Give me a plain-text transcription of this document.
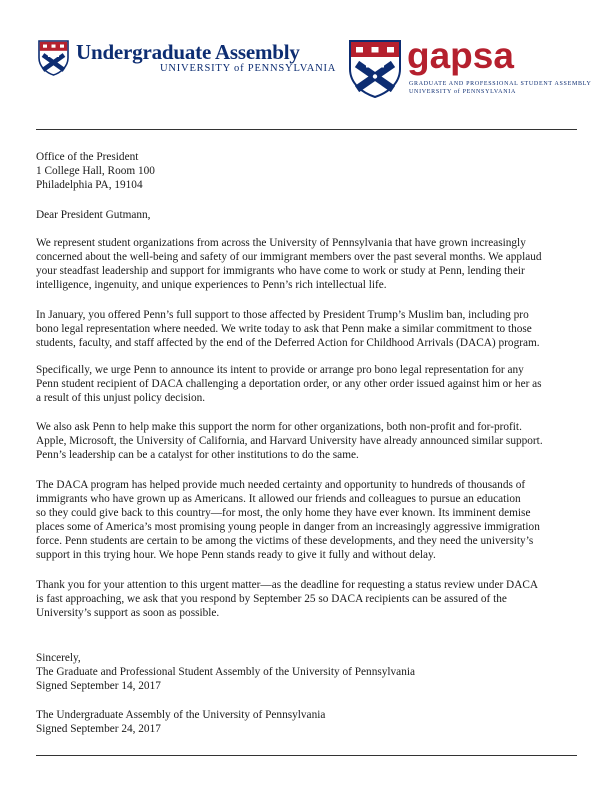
Undergraduate Assembly
UNIVERSITY of PENNSYLVANIA gapsa
GRADUATE AND PROFESSIONAL STUDENT ASSEMBLY
UNIVERSITY of PENNSYLVANIA
Office of the President
1 College Hall, Room 100
Philadelphia PA, 19104
Dear President Gutmann,
We represent student organizations from across the University of Pennsylvania that have grown increasingly
concerned about the well-being and safety of our immigrant members over the past several months. We applaud
your steadfast leadership and support for immigrants who have come to work or study at Penn, lending their
intelligence, ingenuity, and unique experiences to Penn’s rich intellectual life.
In January, you offered Penn’s full support to those affected by President Trump’s Muslim ban, including pro
bono legal representation where needed. We write today to ask that Penn make a similar commitment to those
students, faculty, and staff affected by the end of the Deferred Action for Childhood Arrivals (DACA) program.
Specifically, we urge Penn to announce its intent to provide or arrange pro bono legal representation for any
Penn student recipient of DACA challenging a deportation order, or any other order issued against him or her as
a result of this unjust policy decision.
We also ask Penn to help make this support the norm for other organizations, both non-profit and for-profit.
Apple, Microsoft, the University of California, and Harvard University have already announced similar support.
Penn’s leadership can be a catalyst for other institutions to do the same.
The DACA program has helped provide much needed certainty and opportunity to hundreds of thousands of
immigrants who have grown up as Americans. It allowed our friends and colleagues to pursue an education
so they could give back to this country—for most, the only home they have ever known. Its imminent demise
places some of America’s most promising young people in danger from an increasingly aggressive immigration
force. Penn students are certain to be among the victims of these developments, and they need the university’s
support in this trying hour. We hope Penn stands ready to give it fully and without delay.
Thank you for your attention to this urgent matter—as the deadline for requesting a status review under DACA
is fast approaching, we ask that you respond by September 25 so DACA recipients can be assured of the
University’s support as soon as possible.
Sincerely,
The Graduate and Professional Student Assembly of the University of Pennsylvania
Signed September 14, 2017
The Undergraduate Assembly of the University of Pennsylvania
Signed September 24, 2017
